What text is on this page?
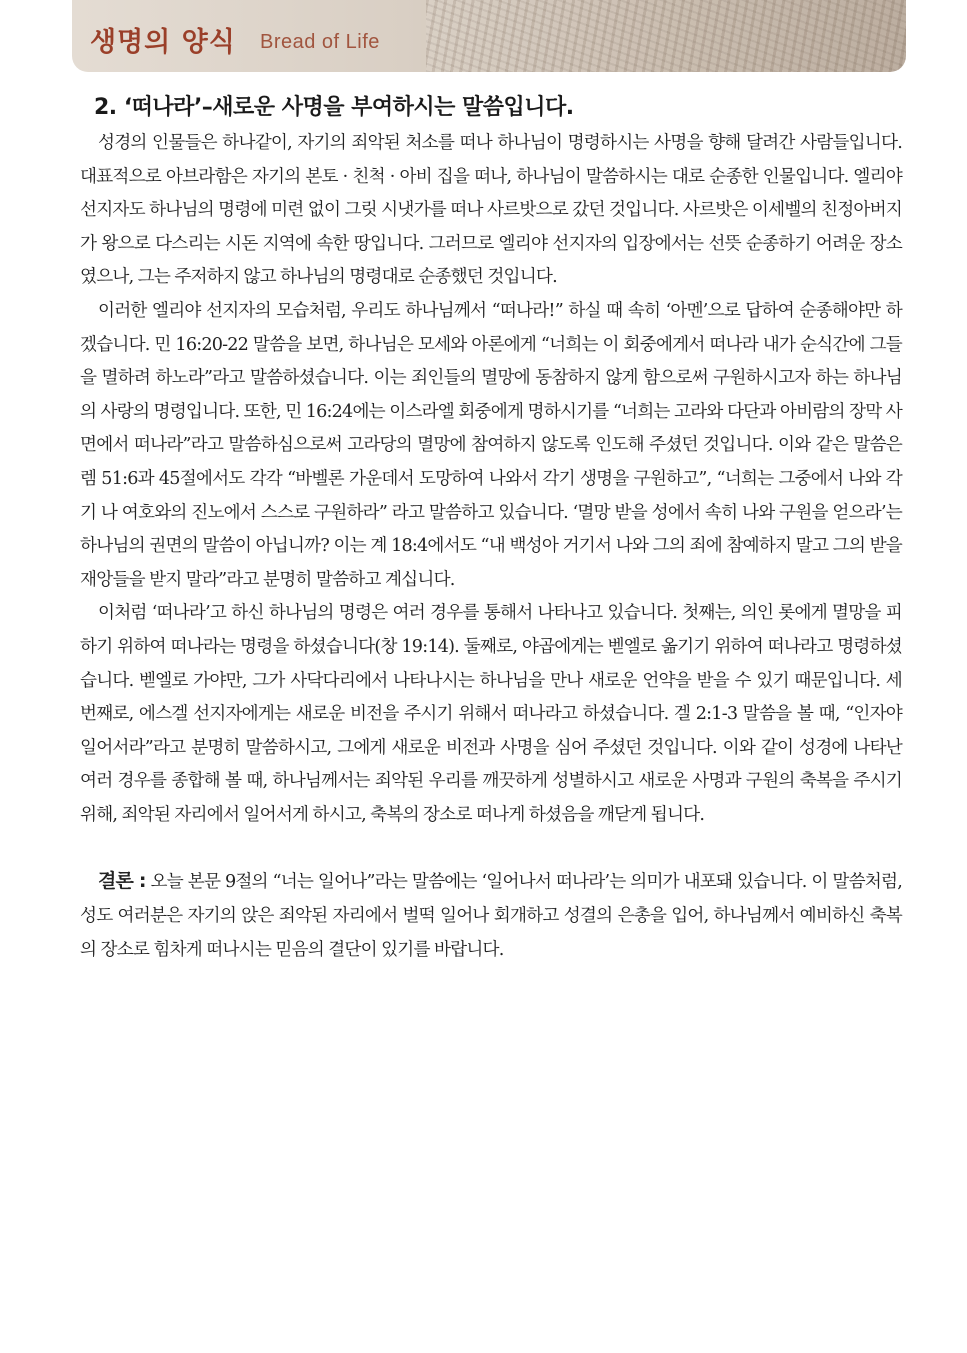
생명의 양식 Bread of Life
2. ‘떠나라’–새로운 사명을 부여하시는 말씀입니다.

성경의 인물들은 하나같이, 자기의 죄악된 처소를 떠나 하나님이 명령하시는 사명을 향해 달려간 사람들입니다. 대표적으로 아브라함은 자기의 본토 · 친척 · 아비 집을 떠나, 하나님이 말씀하시는 대로 순종한 인물입니다. 엘리야 선지자도 하나님의 명령에 미련 없이 그릿 시냇가를 떠나 사르밧으로 갔던 것입니다. 사르밧은 이세벨의 친정아버지가 왕으로 다스리는 시돈 지역에 속한 땅입니다. 그러므로 엘리야 선지자의 입장에서는 선뜻 순종하기 어려운 장소였으나, 그는 주저하지 않고 하나님의 명령대로 순종했던 것입니다.

이러한 엘리야 선지자의 모습처럼, 우리도 하나님께서 “떠나라!” 하실 때 속히 ‘아멘’으로 답하여 순종해야만 하겠습니다. 민 16:20-22 말씀을 보면, 하나님은 모세와 아론에게 “너희는 이 회중에게서 떠나라 내가 순식간에 그들을 멸하려 하노라”라고 말씀하셨습니다. 이는 죄인들의 멸망에 동참하지 않게 함으로써 구원하시고자 하는 하나님의 사랑의 명령입니다. 또한, 민 16:24에는 이스라엘 회중에게 명하시기를 “너희는 고라와 다단과 아비람의 장막 사면에서 떠나라”라고 말씀하심으로써 고라당의 멸망에 참여하지 않도록 인도해 주셨던 것입니다. 이와 같은 말씀은 렘 51:6과 45절에서도 각각 “바벨론 가운데서 도망하여 나와서 각기 생명을 구원하고”, “너희는 그중에서 나와 각기 나 여호와의 진노에서 스스로 구원하라” 라고 말씀하고 있습니다. ‘멸망 받을 성에서 속히 나와 구원을 얻으라’는 하나님의 권면의 말씀이 아닙니까? 이는 계 18:4에서도 “내 백성아 거기서 나와 그의 죄에 참예하지 말고 그의 받을 재앙들을 받지 말라”라고 분명히 말씀하고 계십니다.

이처럼 ‘떠나라’고 하신 하나님의 명령은 여러 경우를 통해서 나타나고 있습니다. 첫째는, 의인 롯에게 멸망을 피하기 위하여 떠나라는 명령을 하셨습니다(창 19:14). 둘째로, 야곱에게는 벧엘로 옮기기 위하여 떠나라고 명령하셨습니다. 벧엘로 가야만, 그가 사닥다리에서 나타나시는 하나님을 만나 새로운 언약을 받을 수 있기 때문입니다. 세 번째로, 에스겔 선지자에게는 새로운 비전을 주시기 위해서 떠나라고 하셨습니다. 겔 2:1-3 말씀을 볼 때, “인자야 일어서라”라고 분명히 말씀하시고, 그에게 새로운 비전과 사명을 심어 주셨던 것입니다. 이와 같이 성경에 나타난 여러 경우를 종합해 볼 때, 하나님께서는 죄악된 우리를 깨끗하게 성별하시고 새로운 사명과 구원의 축복을 주시기 위해, 죄악된 자리에서 일어서게 하시고, 축복의 장소로 떠나게 하셨음을 깨닫게 됩니다.

결론 : 오늘 본문 9절의 “너는 일어나”라는 말씀에는 ‘일어나서 떠나라’는 의미가 내포돼 있습니다. 이 말씀처럼, 성도 여러분은 자기의 앉은 죄악된 자리에서 벌떡 일어나 회개하고 성결의 은총을 입어, 하나님께서 예비하신 축복의 장소로 힘차게 떠나시는 믿음의 결단이 있기를 바랍니다.
